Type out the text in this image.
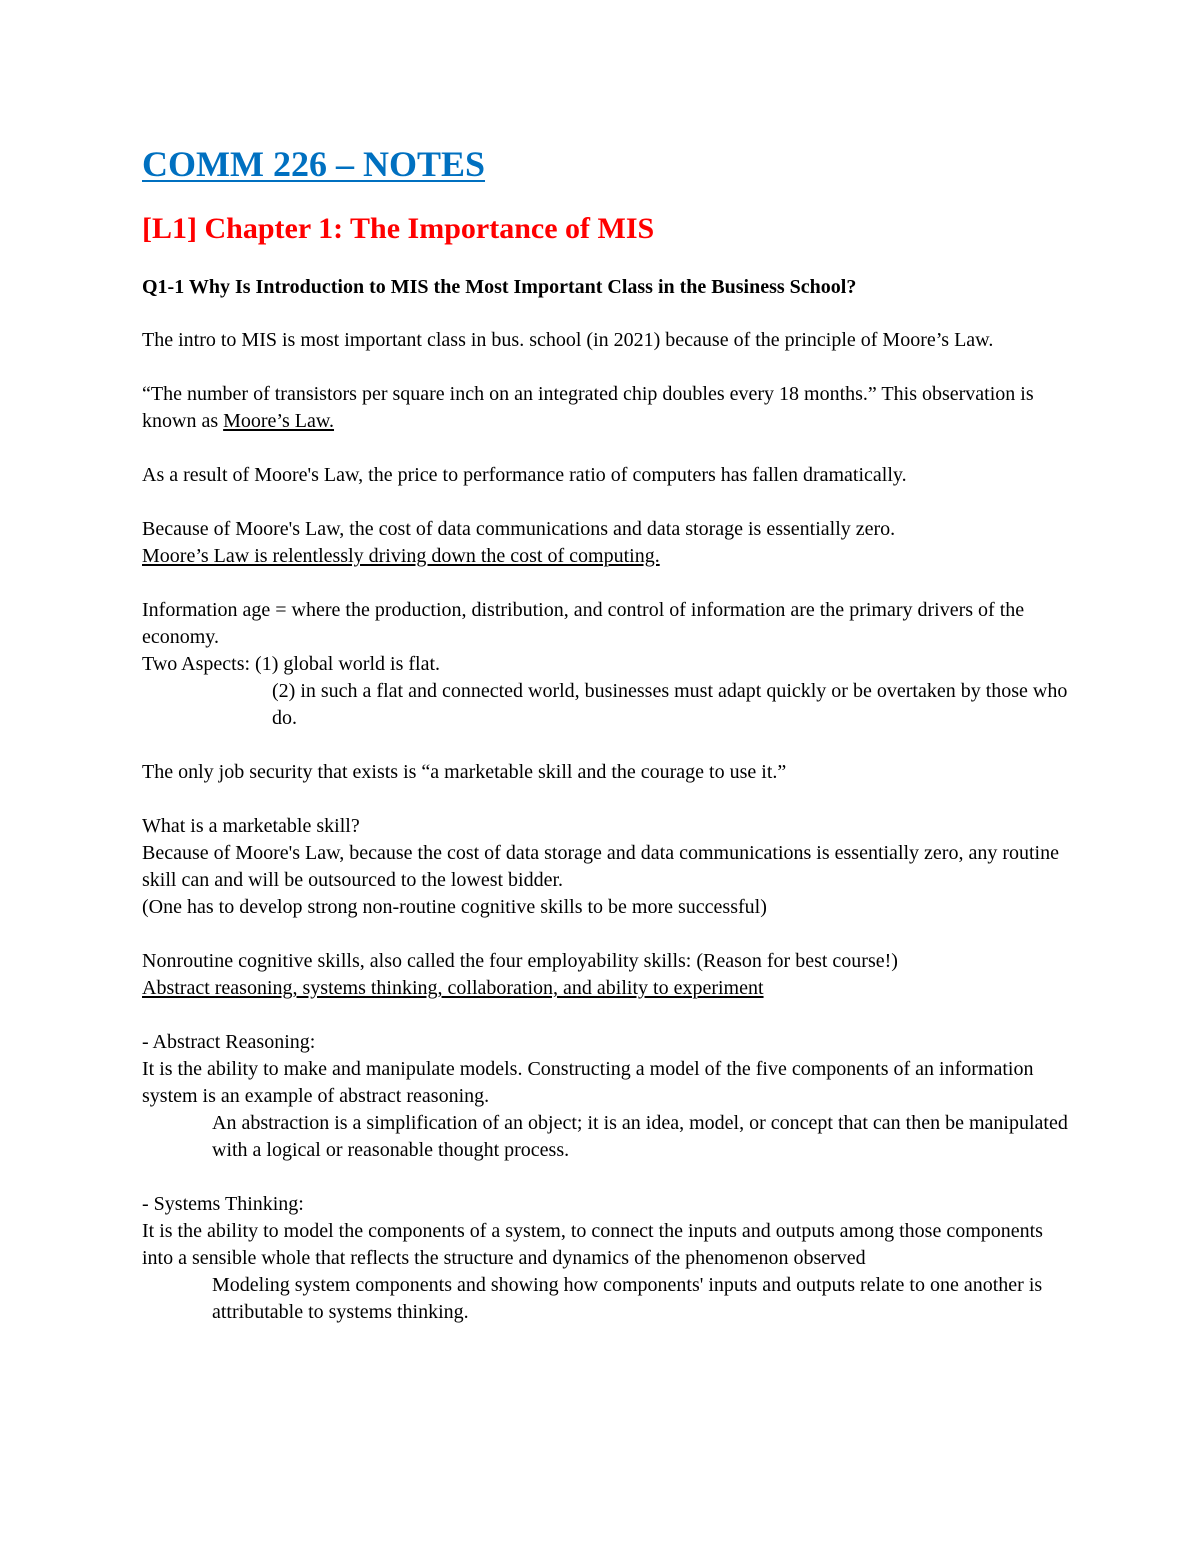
COMM 226 – NOTES
[L1] Chapter 1: The Importance of MIS
Q1-1 Why Is Introduction to MIS the Most Important Class in the Business School?

The intro to MIS is most important class in bus. school (in 2021) because of the principle of Moore’s Law.

“The number of transistors per square inch on an integrated chip doubles every 18 months.” This observation is known as Moore’s Law.

As a result of Moore's Law, the price to performance ratio of computers has fallen dramatically.

Because of Moore's Law, the cost of data communications and data storage is essentially zero.
Moore’s Law is relentlessly driving down the cost of computing.

Information age = where the production, distribution, and control of information are the primary drivers of the economy.
Two Aspects: (1) global world is flat.

(2) in such a flat and connected world, businesses must adapt quickly or be overtaken by those who do.

The only job security that exists is “a marketable skill and the courage to use it.”

What is a marketable skill?
Because of Moore's Law, because the cost of data storage and data communications is essentially zero, any routine skill can and will be outsourced to the lowest bidder.
(One has to develop strong non-routine cognitive skills to be more successful)

Nonroutine cognitive skills, also called the four employability skills: (Reason for best course!)
Abstract reasoning, systems thinking, collaboration, and ability to experiment

- Abstract Reasoning:
It is the ability to make and manipulate models. Constructing a model of the five components of an information system is an example of abstract reasoning.

An abstraction is a simplification of an object; it is an idea, model, or concept that can then be manipulated with a logical or reasonable thought process.

- Systems Thinking:
It is the ability to model the components of a system, to connect the inputs and outputs among those components into a sensible whole that reflects the structure and dynamics of the phenomenon observed

Modeling system components and showing how components' inputs and outputs relate to one another is attributable to systems thinking.
